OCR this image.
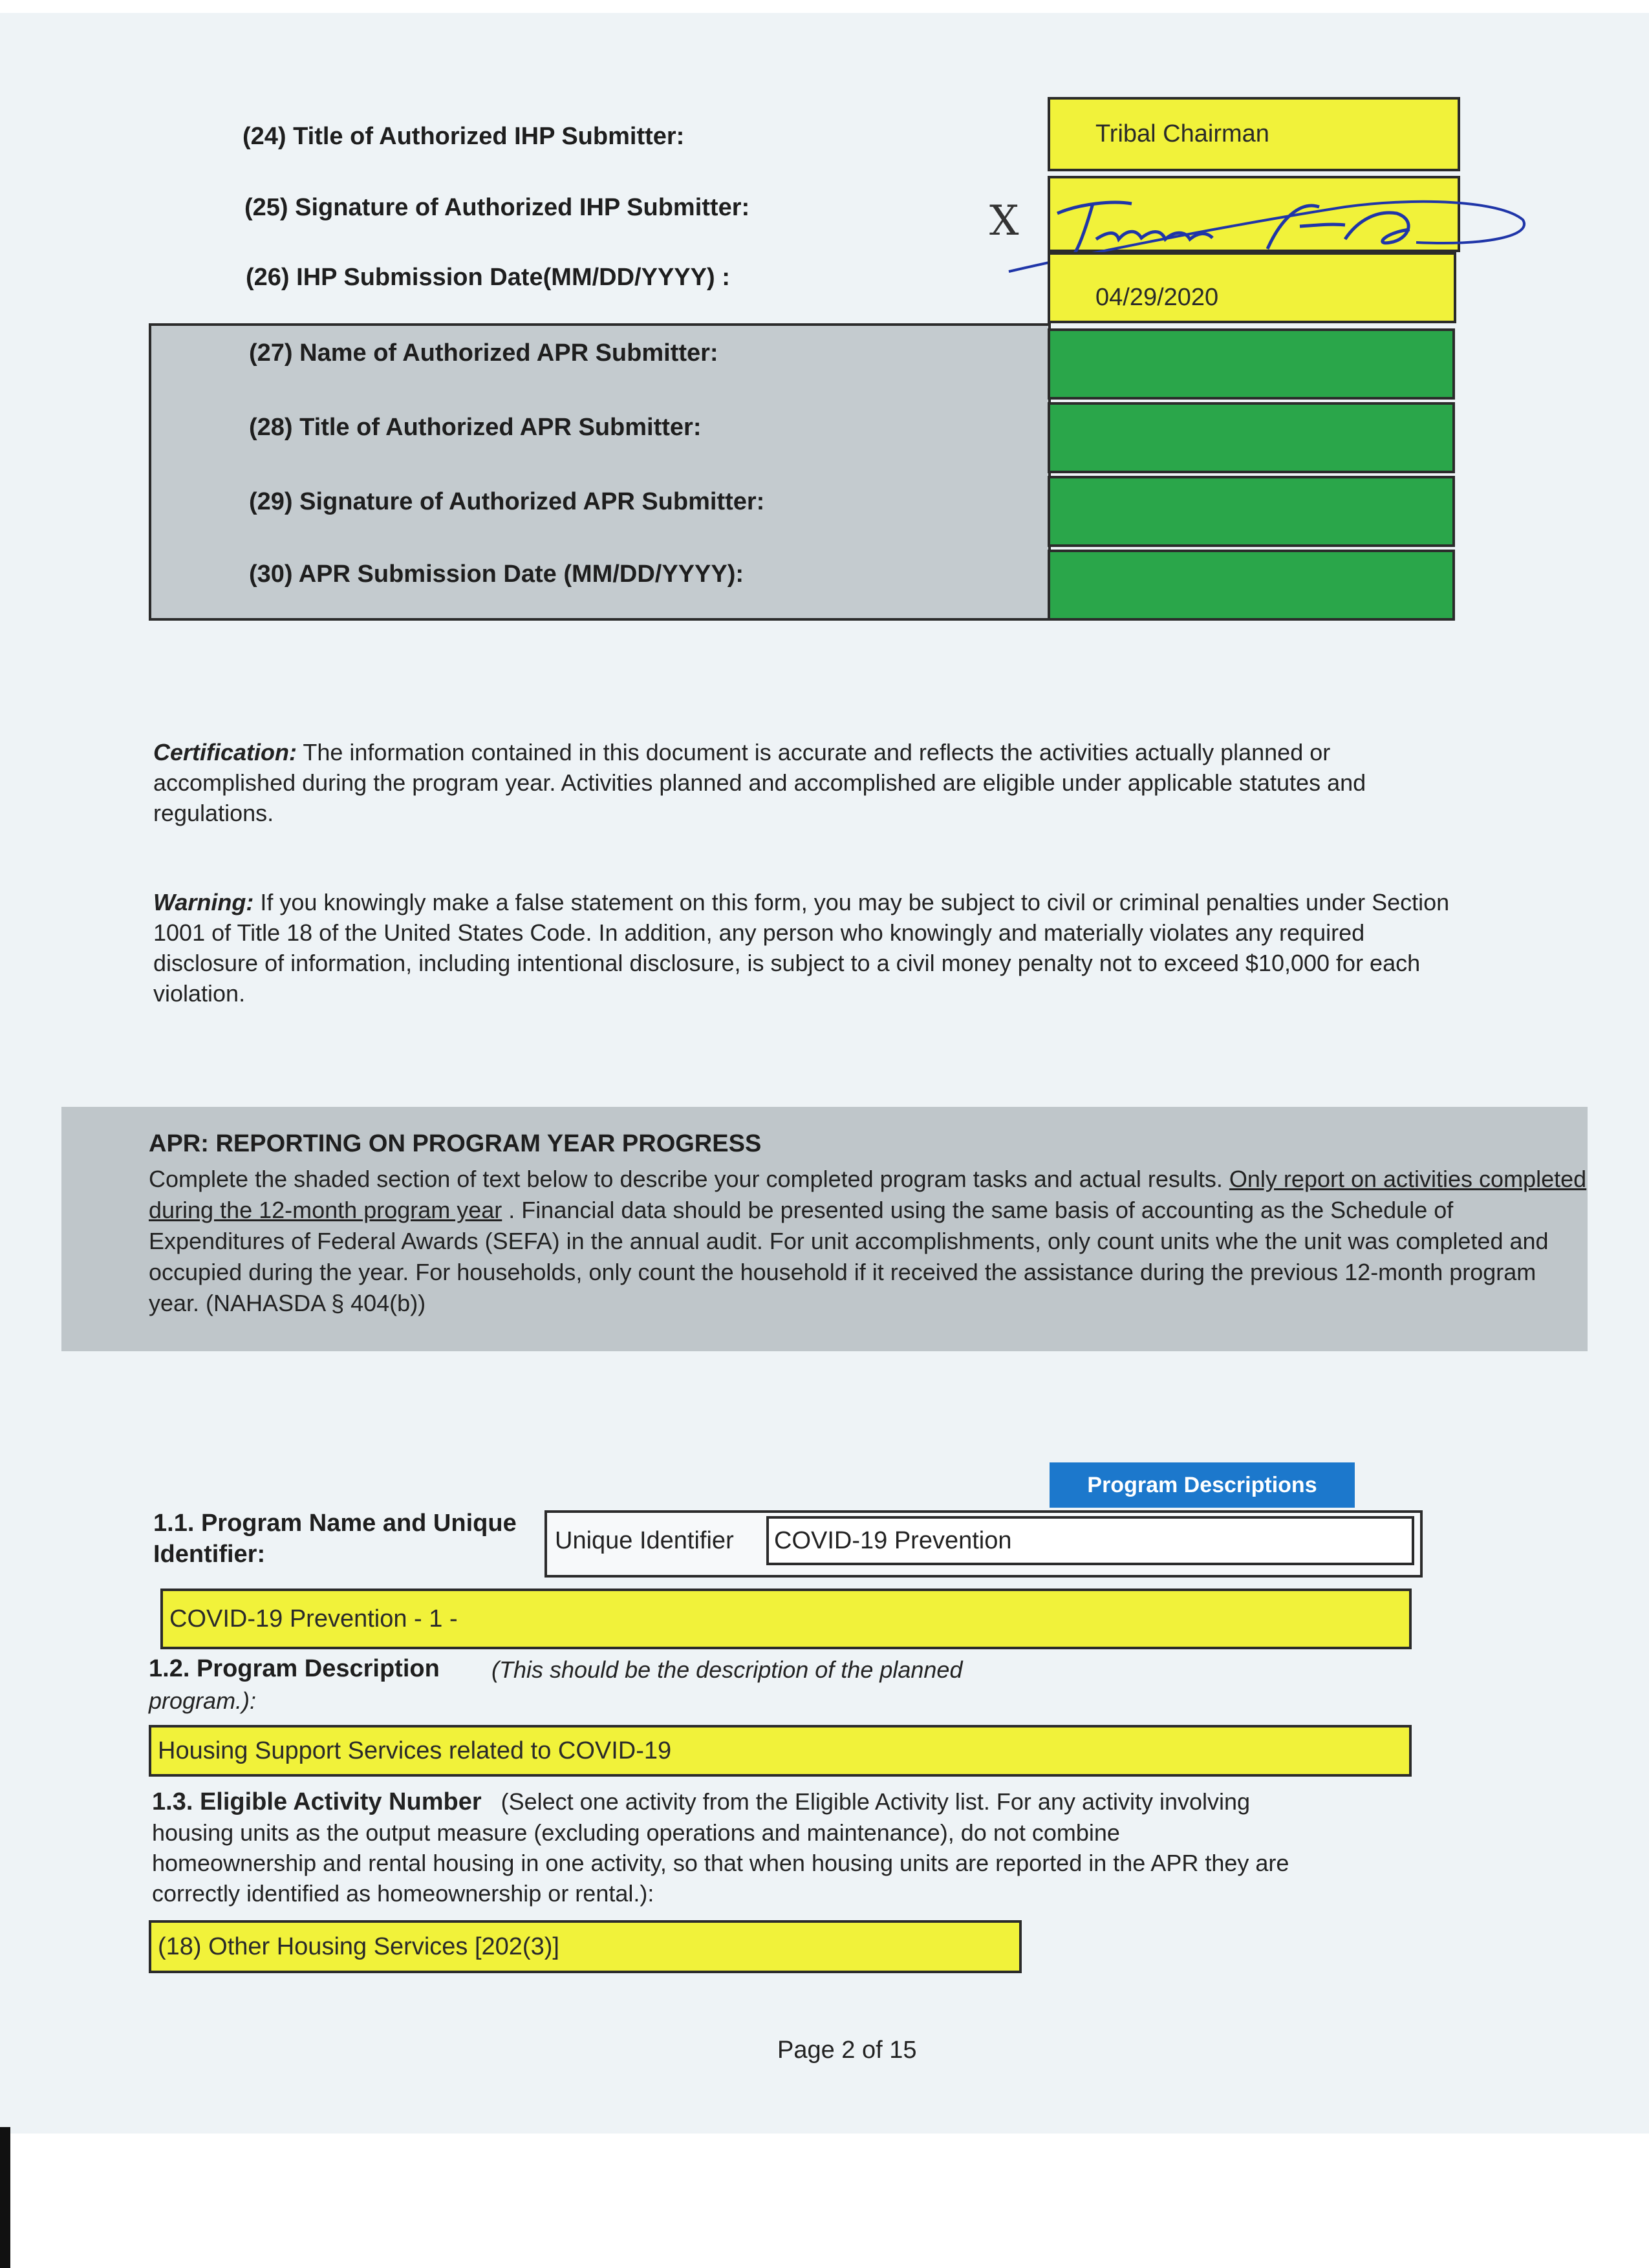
(24) Title of Authorized IHP Submitter:	Tribal Chairman
(25) Signature of Authorized IHP Submitter:	X
(26) IHP Submission Date(MM/DD/YYYY) :
04/29/2020
(27) Name of Authorized APR Submitter:
(28) Title of Authorized APR Submitter:
(29) Signature of Authorized APR Submitter:
(30) APR Submission Date (MM/DD/YYYY):
Certification: The information contained in this document is accurate and reflects the activities actually planned or accomplished during the program year. Activities planned and accomplished are eligible under applicable statutes and regulations.
Warning: If you knowingly make a false statement on this form, you may be subject to civil or criminal penalties under Section 1001 of Title 18 of the United States Code. In addition, any person who knowingly and materially violates any required disclosure of information, including intentional disclosure, is subject to a civil money penalty not to exceed $10,000 for each violation.
APR: REPORTING ON PROGRAM YEAR PROGRESS
Complete the shaded section of text below to describe your completed program tasks and actual results. Only report on activities completed during the 12-month program year . Financial data should be presented using the same basis of accounting as the Schedule of Expenditures of Federal Awards (SEFA) in the annual audit. For unit accomplishments, only count units whe the unit was completed and occupied during the year. For households, only count the household if it received the assistance during the previous 12-month program year. (NAHASDA § 404(b))
Program Descriptions
1.1. Program Name and Unique Identifier:	Unique Identifier COVID-19 Prevention
COVID-19 Prevention - 1 -
1.2. Program Description (This should be the description of the planned
program.):
Housing Support Services related to COVID-19
1.3. Eligible Activity Number (Select one activity from the Eligible Activity list. For any activity involving housing units as the output measure (excluding operations and maintenance), do not combine homeownership and rental housing in one activity, so that when housing units are reported in the APR they are correctly identified as homeownership or rental.):
(18) Other Housing Services [202(3)]
Page 2 of 15
